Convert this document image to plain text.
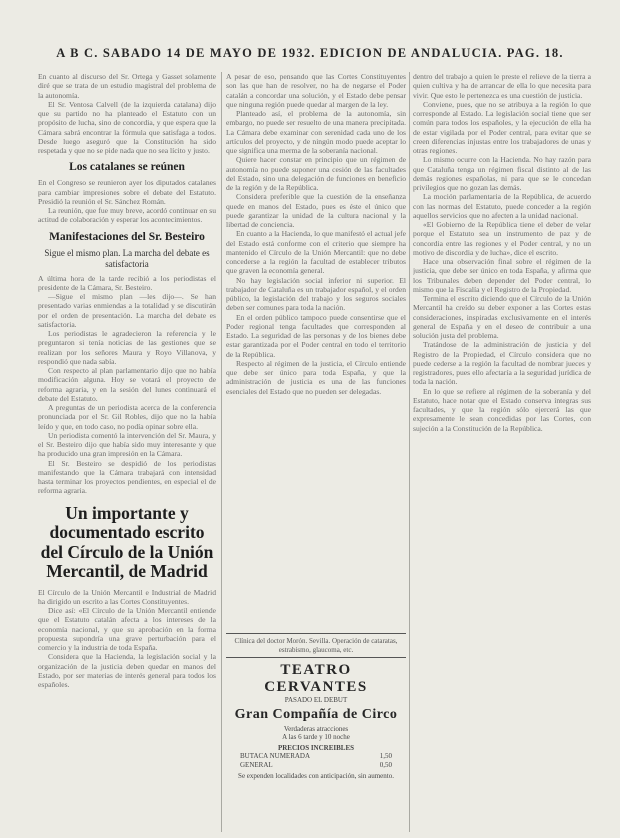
A B C. SABADO 14 DE MAYO DE 1932. EDICION DE ANDALUCIA. PAG. 18.

En cuanto al discurso del Sr. Ortega y Gasset solamente diré que se trata de un estudio magistral del problema de la autonomía.

El Sr. Ventosa Calvell (de la izquierda catalana) dijo que su partido no ha planteado el Estatuto con un propósito de lucha, sino de concordia, y que espera que la Cámara sabrá encontrar la fórmula que satisfaga a todos. Desde luego aseguró que la Constitución ha sido respetada y que no se pide nada que no sea lícito y justo.

Los catalanes se reúnen

En el Congreso se reunieron ayer los diputados catalanes para cambiar impresiones sobre el debate del Estatuto. Presidió la reunión el Sr. Sánchez Román.

La reunión, que fue muy breve, acordó continuar en su actitud de colaboración y esperar los acontecimientos.

Manifestaciones del Sr. Besteiro
Sigue el mismo plan. La marcha del debate es satisfactoria

A última hora de la tarde recibió a los periodistas el presidente de la Cámara, Sr. Besteiro.

—Sigue el mismo plan —les dijo—. Se han presentado varias enmiendas a la totalidad y se discutirán por el orden de presentación. La marcha del debate es satisfactoria.

Los periodistas le agradecieron la referencia y le preguntaron si tenía noticias de las gestiones que se realizan por los señores Maura y Royo Villanova, y respondió que nada sabía.

Con respecto al plan parlamentario dijo que no había modificación alguna. Hoy se votará el proyecto de reforma agraria, y en la sesión del lunes continuará el debate del Estatuto.

A preguntas de un periodista acerca de la conferencia pronunciada por el Sr. Gil Robles, dijo que no la había leído y que, en todo caso, no podía opinar sobre ella.

Un periodista comentó la intervención del Sr. Maura, y el Sr. Besteiro dijo que había sido muy interesante y que ha producido una gran impresión en la Cámara.

El Sr. Besteiro se despidió de los periodistas manifestando que la Cámara trabajará con intensidad hasta terminar los proyectos pendientes, en especial el de reforma agraria.

Un importante y documentado escrito del Círculo de la Unión Mercantil, de Madrid

El Círculo de la Unión Mercantil e Industrial de Madrid ha dirigido un escrito a las Cortes Constituyentes.

Dice así: «El Círculo de la Unión Mercantil entiende que el Estatuto catalán afecta a los intereses de la economía nacional, y que su aprobación en la forma propuesta supondría una grave perturbación para el comercio y la industria de toda España.

Considera que la Hacienda, la legislación social y la organización de la justicia deben quedar en manos del Estado, por ser materias de interés general para todos los españoles.

A pesar de eso, pensando que las Cortes Constituyentes son las que han de resolver, no ha de negarse el Poder catalán a concordar una solución, y el Estado debe pensar que ninguna región puede quedar al margen de la ley.

Planteado así, el problema de la autonomía, sin embargo, no puede ser resuelto de una manera precipitada. La Cámara debe examinar con serenidad cada uno de los artículos del proyecto, y de ningún modo puede aceptar lo que significa una merma de la soberanía nacional.

Quiere hacer constar en principio que un régimen de autonomía no puede suponer una cesión de las facultades del Estado, sino una delegación de funciones en beneficio de la región y de la República.

Considera preferible que la cuestión de la enseñanza quede en manos del Estado, pues es éste el único que puede garantizar la unidad de la cultura nacional y la libertad de conciencia.

En cuanto a la Hacienda, lo que manifestó el actual jefe del Estado está conforme con el criterio que siempre ha mantenido el Círculo de la Unión Mercantil: que no debe concederse a la región la facultad de establecer tributos que graven la economía general.

No hay legislación social inferior ni superior. El trabajador de Cataluña es un trabajador español, y el orden público, la legislación del trabajo y los seguros sociales deben ser comunes para toda la nación.

En el orden público tampoco puede consentirse que el Poder regional tenga facultades que corresponden al Estado. La seguridad de las personas y de los bienes debe estar garantizada por el Poder central en todo el territorio de la República.

Respecto al régimen de la justicia, el Círculo entiende que debe ser único para toda España, y que la administración de justicia es una de las funciones esenciales del Estado que no pueden ser delegadas.

Clínica del doctor Morón. Sevilla. Operación de cataratas, estrabismo, glaucoma, etc.

TEATRO CERVANTES

PASADO EL DEBUT

Gran Compañía de Circo

Verdaderas atracciones

A las 6 tarde y 10 noche

PRECIOS INCREIBLES

BUTACA NUMERADA	1,50
GENERAL	0,50

Se expenden localidades con anticipación, sin aumento.

dentro del trabajo a quien le preste el relieve de la tierra a quien cultiva y ha de arrancar de ella lo que necesita para vivir. Que esto le pertenezca es una cuestión de justicia.

Conviene, pues, que no se atribuya a la región lo que corresponde al Estado. La legislación social tiene que ser común para todos los españoles, y la ejecución de ella ha de estar vigilada por el Poder central, para evitar que se creen diferencias injustas entre los trabajadores de unas y otras regiones.

Lo mismo ocurre con la Hacienda. No hay razón para que Cataluña tenga un régimen fiscal distinto al de las demás regiones españolas, ni para que se le concedan privilegios que no gozan las demás.

La moción parlamentaria de la República, de acuerdo con las normas del Estatuto, puede conceder a la región aquellos servicios que no afecten a la unidad nacional.

«El Gobierno de la República tiene el deber de velar porque el Estatuto sea un instrumento de paz y de concordia entre las regiones y el Poder central, y no un motivo de discordia y de lucha», dice el escrito.

Hace una observación final sobre el régimen de la justicia, que debe ser único en toda España, y afirma que los Tribunales deben depender del Poder central, lo mismo que la Fiscalía y el Registro de la Propiedad.

Termina el escrito diciendo que el Círculo de la Unión Mercantil ha creído su deber exponer a las Cortes estas consideraciones, inspiradas exclusivamente en el interés general de España y en el deseo de contribuir a una solución justa del problema.

Tratándose de la administración de justicia y del Registro de la Propiedad, el Círculo considera que no puede cederse a la región la facultad de nombrar jueces y registradores, pues ello afectaría a la seguridad jurídica de toda la nación.

En lo que se refiere al régimen de la soberanía y del Estatuto, hace notar que el Estado conserva íntegras sus facultades, y que la región sólo ejercerá las que expresamente le sean concedidas por las Cortes, con sujeción a la Constitución de la República.
